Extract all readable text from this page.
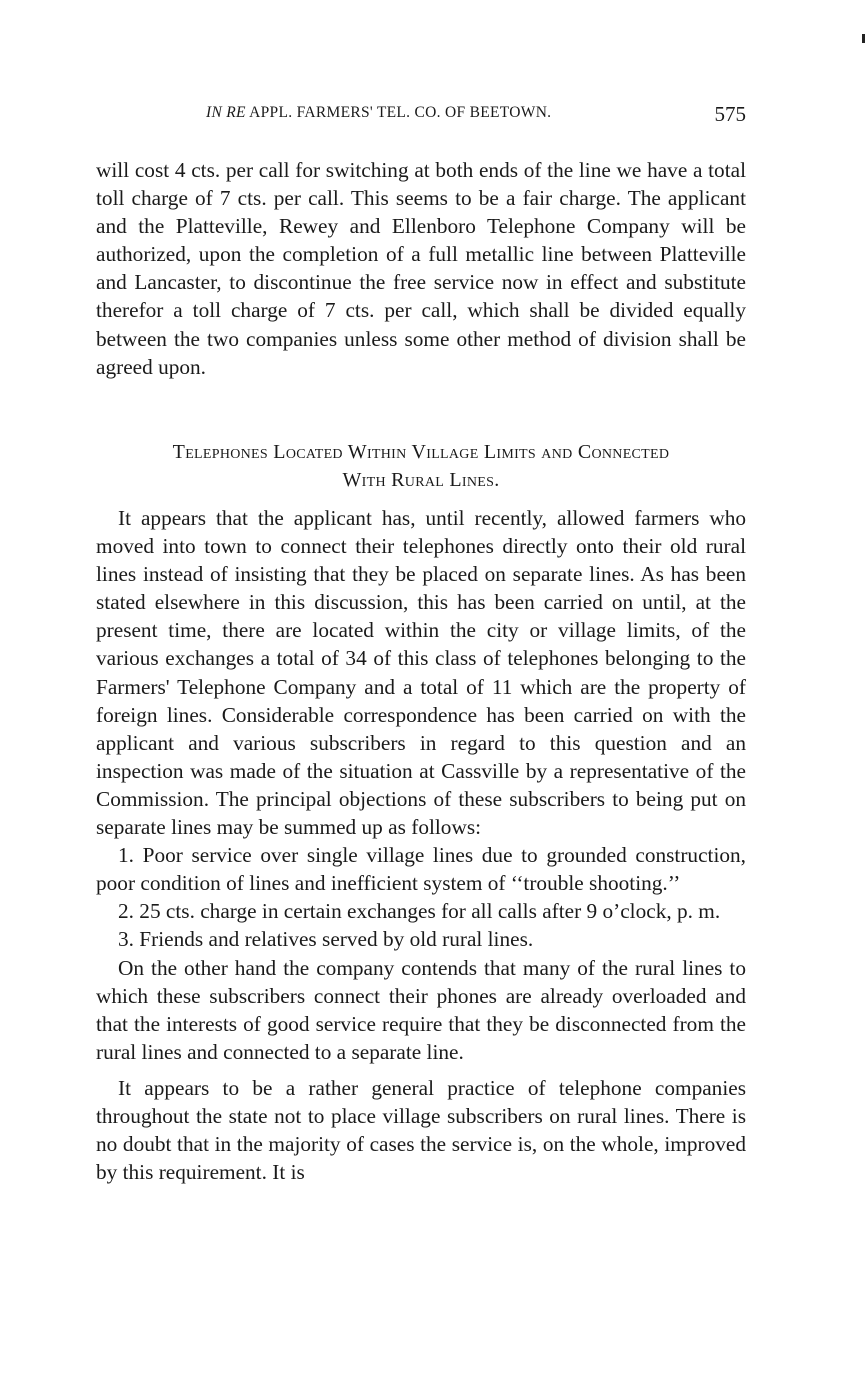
IN RE APPL. FARMERS' TEL. CO. OF BEETOWN.	575

will cost 4 cts. per call for switching at both ends of the line we have a total toll charge of 7 cts. per call. This seems to be a fair charge. The applicant and the Platteville, Rewey and Ellenboro Telephone Company will be authorized, upon the completion of a full metallic line between Platteville and Lancaster, to discontinue the free service now in effect and substitute therefor a toll charge of 7 cts. per call, which shall be divided equally between the two companies unless some other method of division shall be agreed upon.

Telephones Located Within Village Limits and Connected
With Rural Lines.

It appears that the applicant has, until recently, allowed farmers who moved into town to connect their telephones directly onto their old rural lines instead of insisting that they be placed on separate lines. As has been stated elsewhere in this discussion, this has been carried on until, at the present time, there are located within the city or village limits, of the various exchanges a total of 34 of this class of telephones belonging to the Farmers' Telephone Company and a total of 11 which are the property of foreign lines. Considerable correspondence has been carried on with the applicant and various subscribers in regard to this question and an inspection was made of the situation at Cassville by a representative of the Commission. The principal objections of these subscribers to being put on separate lines may be summed up as follows:

1. Poor service over single village lines due to grounded construction, poor condition of lines and inefficient system of ‘‘trouble shooting.’’

2. 25 cts. charge in certain exchanges for all calls after 9 o’clock, p. m.

3. Friends and relatives served by old rural lines.

On the other hand the company contends that many of the rural lines to which these subscribers connect their phones are already overloaded and that the interests of good service require that they be disconnected from the rural lines and connected to a separate line.

It appears to be a rather general practice of telephone companies throughout the state not to place village subscribers on rural lines. There is no doubt that in the majority of cases the service is, on the whole, improved by this requirement. It is
